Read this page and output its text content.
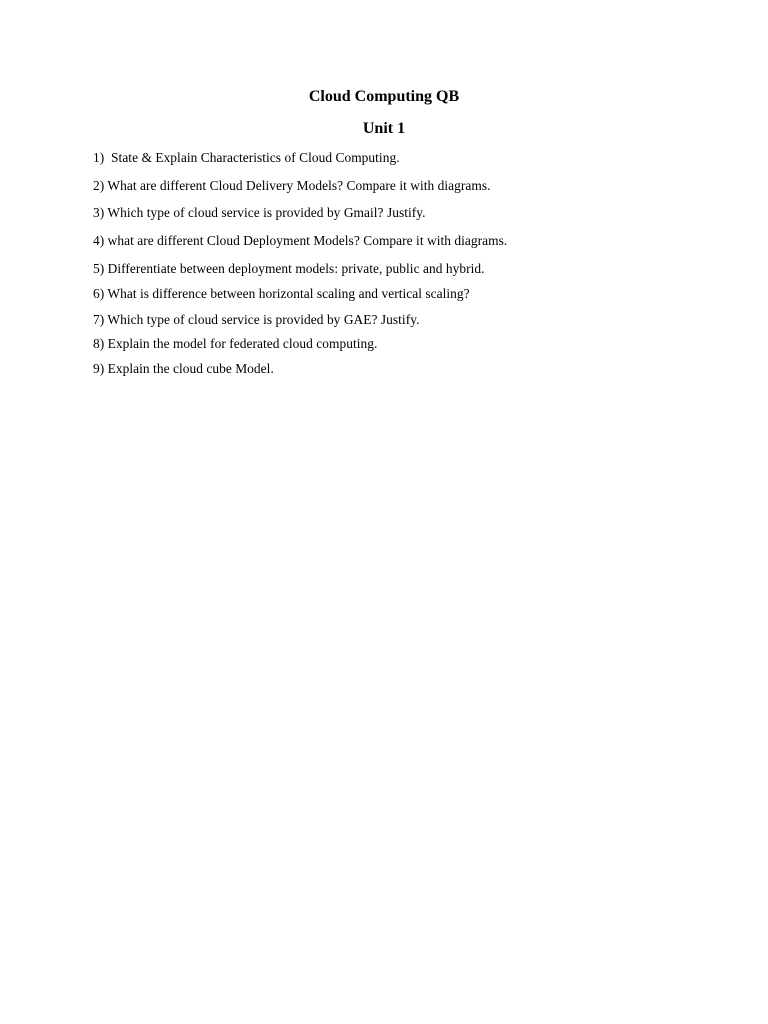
Cloud Computing QB
Unit 1

1)  State & Explain Characteristics of Cloud Computing.

2) What are different Cloud Delivery Models? Compare it with diagrams.

3) Which type of cloud service is provided by Gmail? Justify.

4) what are different Cloud Deployment Models? Compare it with diagrams.

5) Differentiate between deployment models: private, public and hybrid.

6) What is difference between horizontal scaling and vertical scaling?

7) Which type of cloud service is provided by GAE? Justify.

8) Explain the model for federated cloud computing.

9) Explain the cloud cube Model.
